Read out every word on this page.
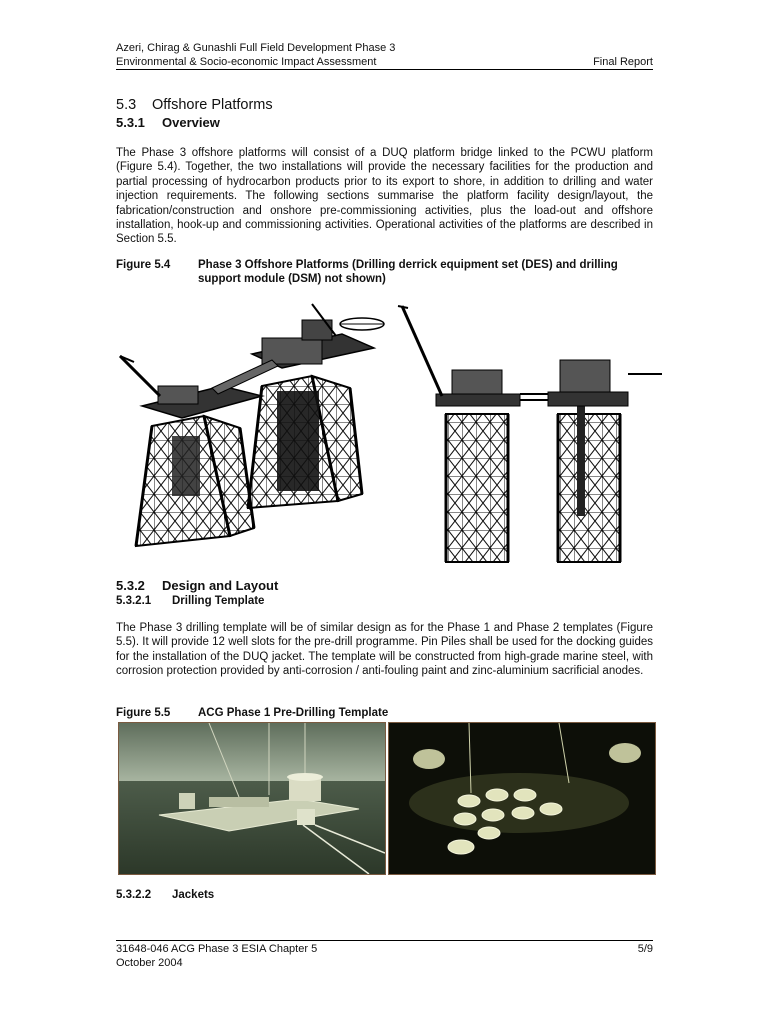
Azeri, Chirag & Gunashli Full Field Development Phase 3
Environmental & Socio-economic Impact Assessment	Final Report
5.3 Offshore Platforms
5.3.1 Overview

The Phase 3 offshore platforms will consist of a DUQ platform bridge linked to the PCWU platform (Figure 5.4). Together, the two installations will provide the necessary facilities for the production and partial processing of hydrocarbon products prior to its export to shore, in addition to drilling and water injection requirements. The following sections summarise the platform facility design/layout, the fabrication/construction and onshore pre-commissioning activities, plus the load-out and offshore installation, hook-up and commissioning activities. Operational activities of the platforms are described in Section 5.5.

Figure 5.4	Phase 3 Offshore Platforms (Drilling derrick equipment set (DES) and drilling support module (DSM) not shown)
5.3.2 Design and Layout
5.3.2.1 Drilling Template

The Phase 3 drilling template will be of similar design as for the Phase 1 and Phase 2 templates (Figure 5.5). It will provide 12 well slots for the pre-drill programme. Pin Piles shall be used for the docking guides for the installation of the DUQ jacket. The template will be constructed from high-grade marine steel, with corrosion protection provided by anti-corrosion / anti-fouling paint and zinc-aluminium sacrificial anodes.

Figure 5.5	ACG Phase 1 Pre-Drilling Template
5.3.2.2 Jackets
31648-046 ACG Phase 3 ESIA Chapter 5	5/9
October 2004
